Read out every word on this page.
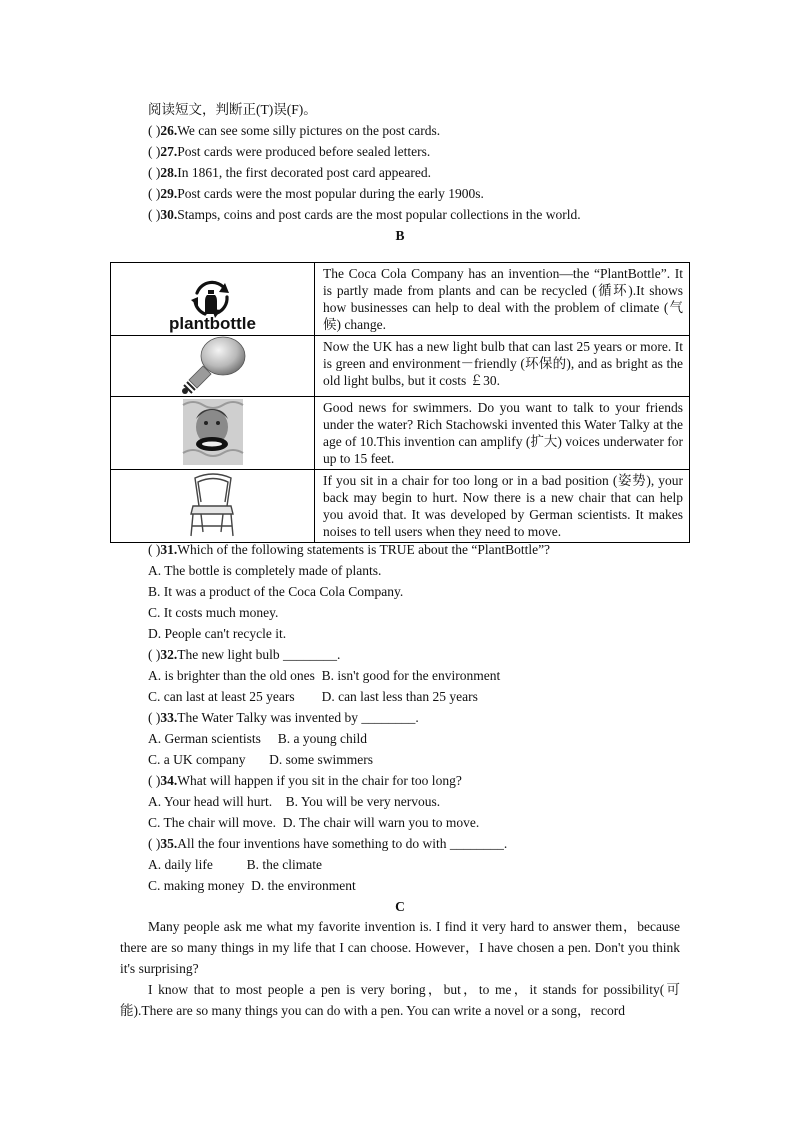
阅读短文，判断正(T)误(F)。
( )26.We can see some silly pictures on the post cards.
( )27.Post cards were produced before sealed letters.
( )28.In 1861, the first decorated post card appeared.
( )29.Post cards were the most popular during the early 1900s.
( )30.Stamps, coins and post cards are the most popular collections in the world.
B
plantbottle	The Coca Cola Company has an invention—the “PlantBottle”. It is partly made from plants and can be recycled (循环).It shows how businesses can help to deal with the problem of climate (气候) change.

	Now the UK has a new light bulb that can last 25 years or more. It is green and environment－friendly (环保的), and as bright as the old light bulbs, but it costs ￡30.

	Good news for swimmers. Do you want to talk to your friends under the water? Rich Stachowski invented this Water Talky at the age of 10.This invention can amplify (扩大) voices underwater for up to 15 feet.

	If you sit in a chair for too long or in a bad position (姿势), your back may begin to hurt. Now there is a new chair that can help you avoid that. It was developed by German scientists. It makes noises to tell users when they need to move.
( )31.Which of the following statements is TRUE about the “PlantBottle”?
A. The bottle is completely made of plants.
B. It was a product of the Coca Cola Company.
C. It costs much money.
D. People can't recycle it.
( )32.The new light bulb ________.
A. is brighter than the old ones  B. isn't good for the environment
C. can last at least 25 years        D. can last less than 25 years
( )33.The Water Talky was invented by ________.
A. German scientists     B. a young child
C. a UK company       D. some swimmers
( )34.What will happen if you sit in the chair for too long?
A. Your head will hurt.    B. You will be very nervous.
C. The chair will move.  D. The chair will warn you to move.
( )35.All the four inventions have something to do with ________.
A. daily life          B. the climate
C. making money  D. the environment
C
Many people ask me what my favorite invention is. I find it very hard to answer them，because there are so many things in my life that I can choose. However，I have chosen a pen. Don't you think it's surprising?
I know that to most people a pen is very boring，but，to me，it stands for possibility(可能).There are so many things you can do with a pen. You can write a novel or a song，record
